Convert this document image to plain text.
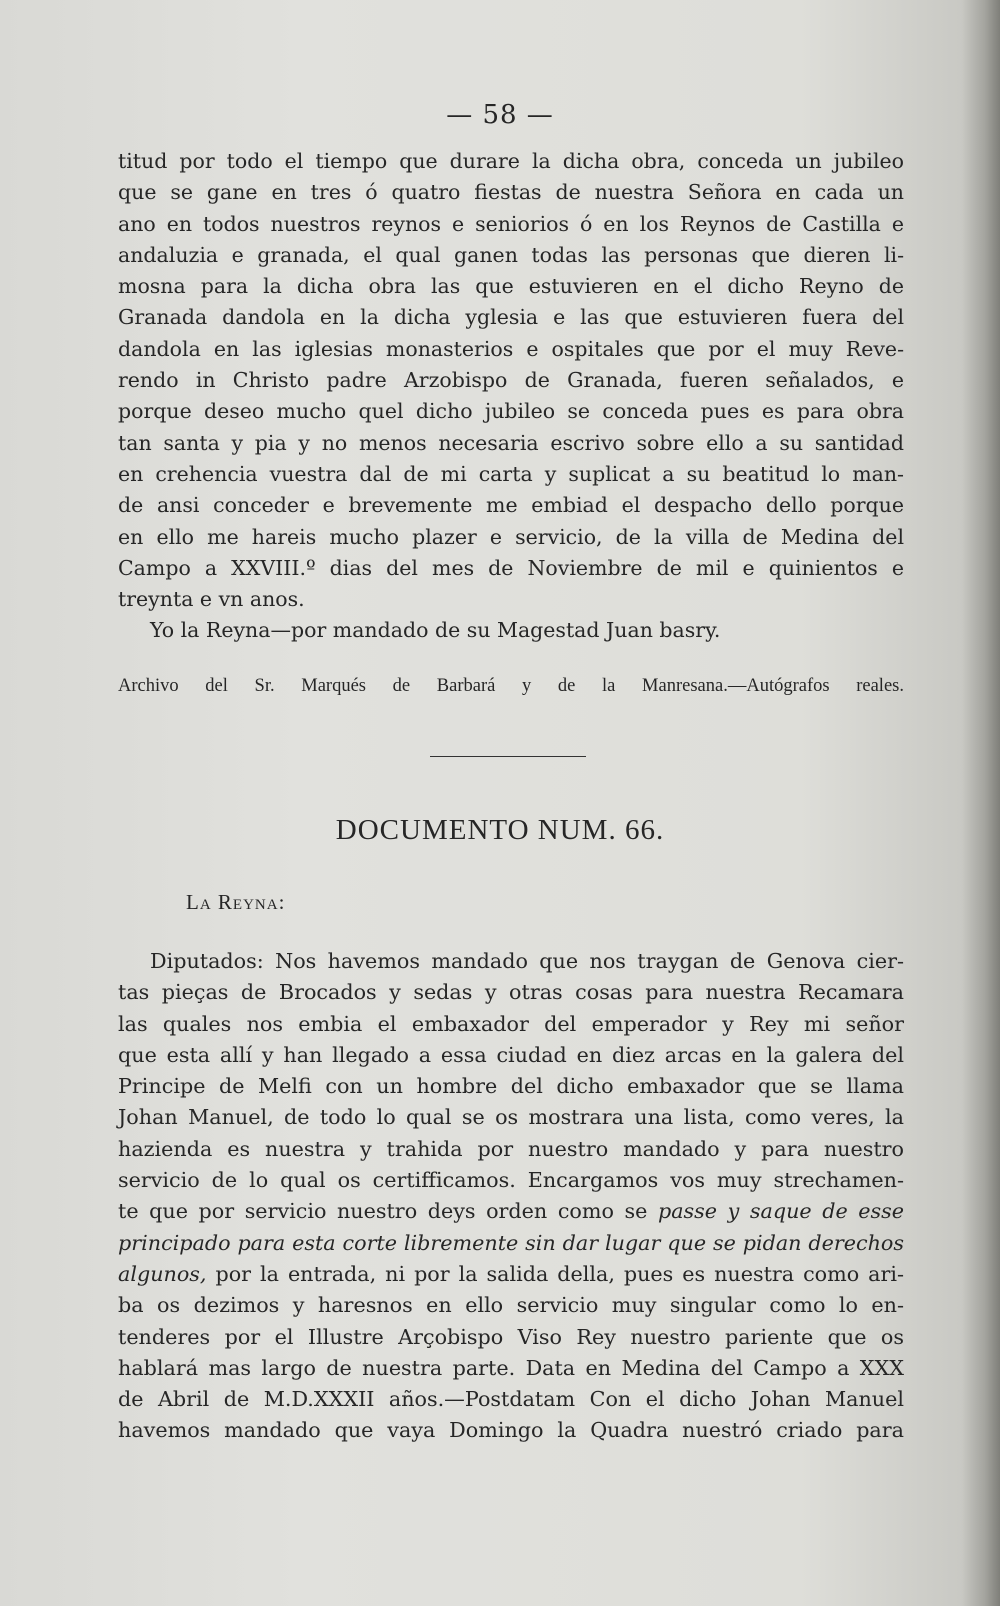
— 58 —
titud por todo el tiempo que durare la dicha obra, conceda un jubileo
que se gane en tres ó quatro fiestas de nuestra Señora en cada un
ano en todos nuestros reynos e seniorios ó en los Reynos de Castilla e
andaluzia e granada, el qual ganen todas las personas que dieren li-
mosna para la dicha obra las que estuvieren en el dicho Reyno de
Granada dandola en la dicha yglesia e las que estuvieren fuera del
dandola en las iglesias monasterios e ospitales que por el muy Reve-
rendo in Christo padre Arzobispo de Granada, fueren señalados, e
porque deseo mucho quel dicho jubileo se conceda pues es para obra
tan santa y pia y no menos necesaria escrivo sobre ello a su santidad
en crehencia vuestra dal de mi carta y suplicat a su beatitud lo man-
de ansi conceder e brevemente me embiad el despacho dello porque
en ello me hareis mucho plazer e servicio, de la villa de Medina del
Campo a XXVIII.º dias del mes de Noviembre de mil e quinientos e
treynta e vn anos.
Yo la Reyna—por mandado de su Magestad Juan basry.
Archivo del Sr. Marqués de Barbará y de la Manresana.—Autógrafos reales.
DOCUMENTO NUM. 66.
La Reyna:
Diputados: Nos havemos mandado que nos traygan de Genova cier-
tas pieças de Brocados y sedas y otras cosas para nuestra Recamara
las quales nos embia el embaxador del emperador y Rey mi señor
que esta allí y han llegado a essa ciudad en diez arcas en la galera del
Principe de Melfi con un hombre del dicho embaxador que se llama
Johan Manuel, de todo lo qual se os mostrara una lista, como veres, la
hazienda es nuestra y trahida por nuestro mandado y para nuestro
servicio de lo qual os certifficamos. Encargamos vos muy strechamen-
te que por servicio nuestro deys orden como se passe y saque de esse
principado para esta corte libremente sin dar lugar que se pidan derechos
algunos, por la entrada, ni por la salida della, pues es nuestra como ari-
ba os dezimos y haresnos en ello servicio muy singular como lo en-
tenderes por el Illustre Arçobispo Viso Rey nuestro pariente que os
hablará mas largo de nuestra parte. Data en Medina del Campo a XXX
de Abril de M.D.XXXII años.—Postdatam Con el dicho Johan Manuel
havemos mandado que vaya Domingo la Quadra nuestró criado para
